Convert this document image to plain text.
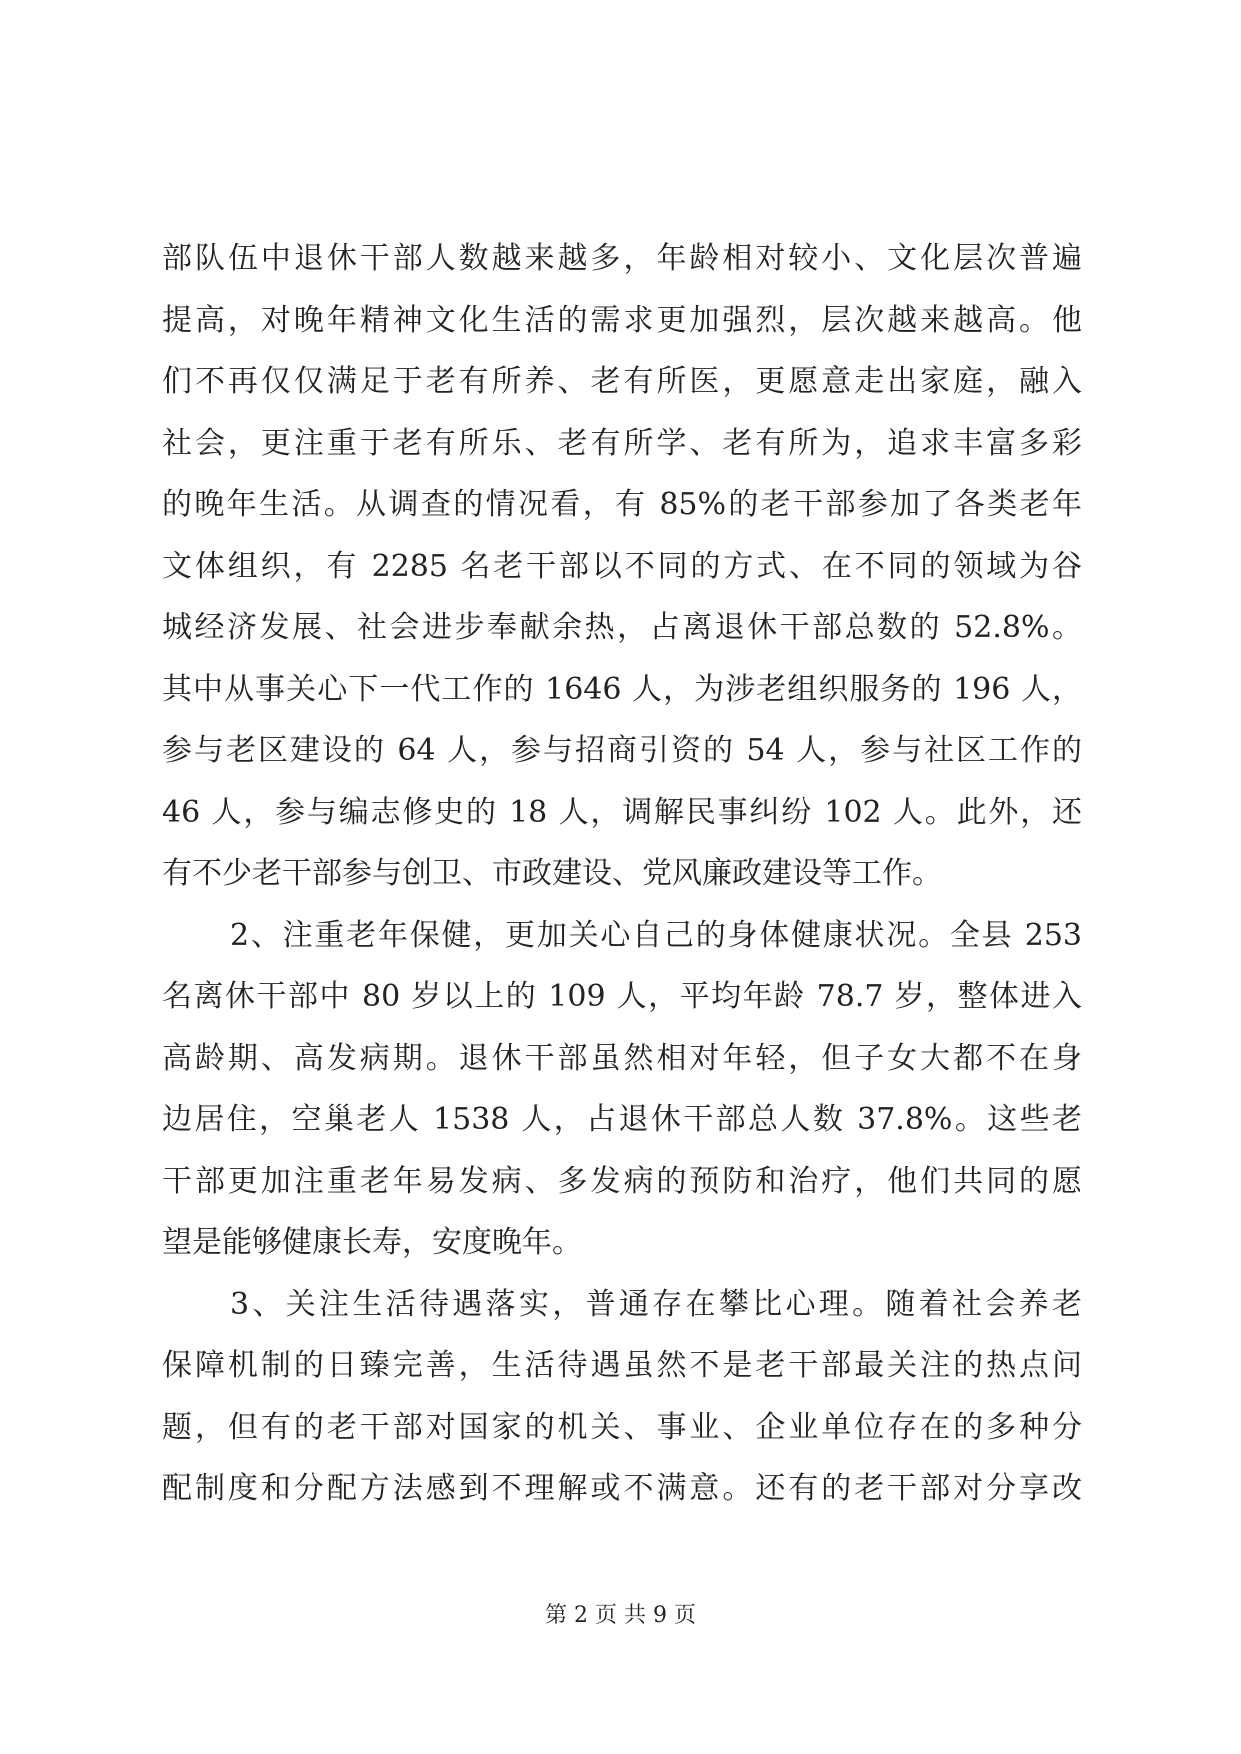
部队伍中退休干部人数越来越多，年龄相对较小、文化层次普遍
提高，对晚年精神文化生活的需求更加强烈，层次越来越高。他
们不再仅仅满足于老有所养、老有所医，更愿意走出家庭，融入
社会，更注重于老有所乐、老有所学、老有所为，追求丰富多彩
的晚年生活。从调查的情况看，有 85%的老干部参加了各类老年
文体组织，有 2285 名老干部以不同的方式、在不同的领域为谷
城经济发展、社会进步奉献余热，占离退休干部总数的 52.8%。
其中从事关心下一代工作的 1646 人，为涉老组织服务的 196 人，
参与老区建设的 64 人，参与招商引资的 54 人，参与社区工作的
46 人，参与编志修史的 18 人，调解民事纠纷 102 人。此外，还
有不少老干部参与创卫、市政建设、党风廉政建设等工作。
2、注重老年保健，更加关心自己的身体健康状况。全县 253
名离休干部中 80 岁以上的 109 人，平均年龄 78.7 岁，整体进入
高龄期、高发病期。退休干部虽然相对年轻，但子女大都不在身
边居住，空巢老人 1538 人，占退休干部总人数 37.8%。这些老
干部更加注重老年易发病、多发病的预防和治疗，他们共同的愿
望是能够健康长寿，安度晚年。
3、关注生活待遇落实，普通存在攀比心理。随着社会养老
保障机制的日臻完善，生活待遇虽然不是老干部最关注的热点问
题，但有的老干部对国家的机关、事业、企业单位存在的多种分
配制度和分配方法感到不理解或不满意。还有的老干部对分享改
第 2 页 共 9 页
